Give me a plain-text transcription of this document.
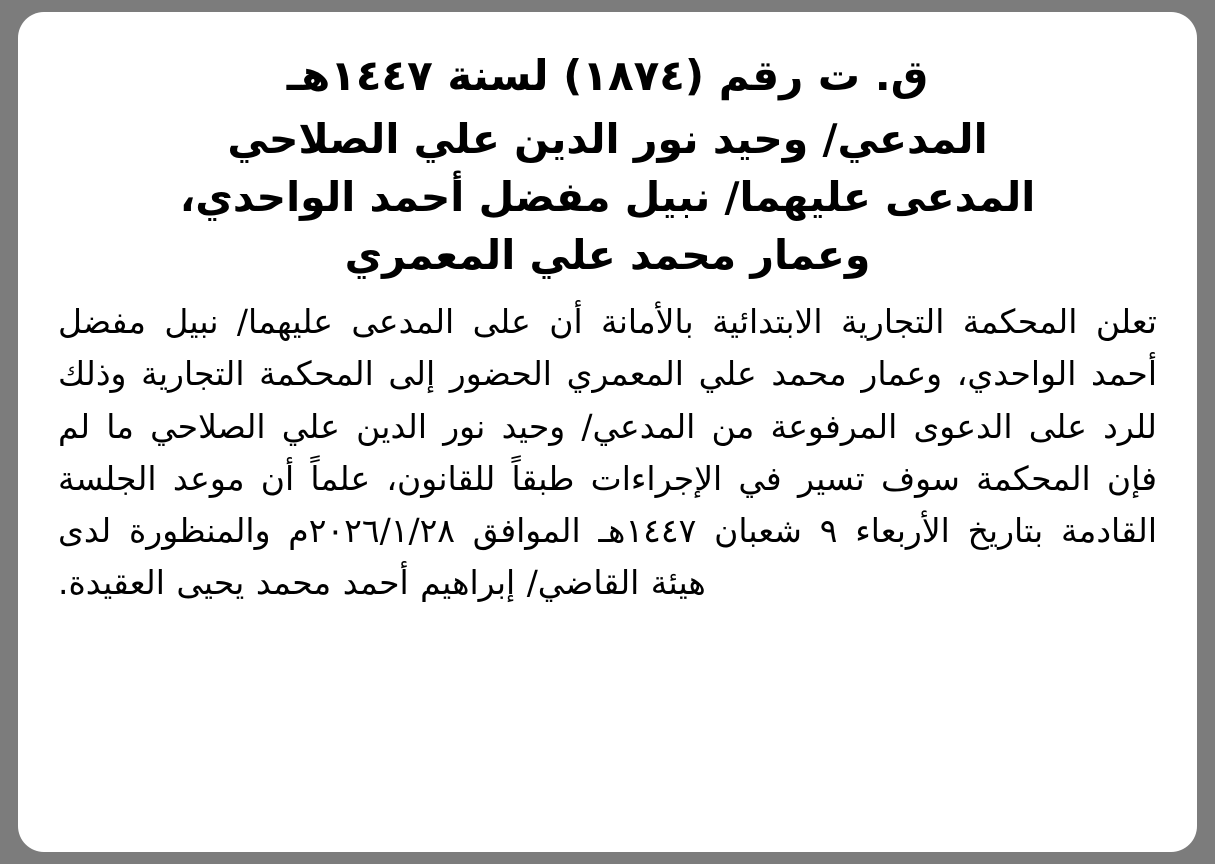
ق. ت رقم (١٨٧٤) لسنة ١٤٤٧هـ
المدعي/ وحيد نور الدين علي الصلاحي
المدعى عليهما/ نبيل مفضل أحمد الواحدي،
وعمار محمد علي المعمري

تعلن المحكمة التجارية الابتدائية بالأمانة أن على المدعى عليهما/ نبيل مفضل أحمد الواحدي، وعمار محمد علي المعمري الحضور إلى المحكمة التجارية وذلك للرد على الدعوى المرفوعة من المدعي/ وحيد نور الدين علي الصلاحي ما لم فإن المحكمة سوف تسير في الإجراءات طبقاً للقانون، علماً أن موعد الجلسة القادمة بتاريخ الأربعاء ٩ شعبان ١٤٤٧هـ الموافق ٢٠٢٦/١/٢٨م والمنظورة لدى هيئة القاضي/ إبراهيم أحمد محمد يحيى العقيدة.
